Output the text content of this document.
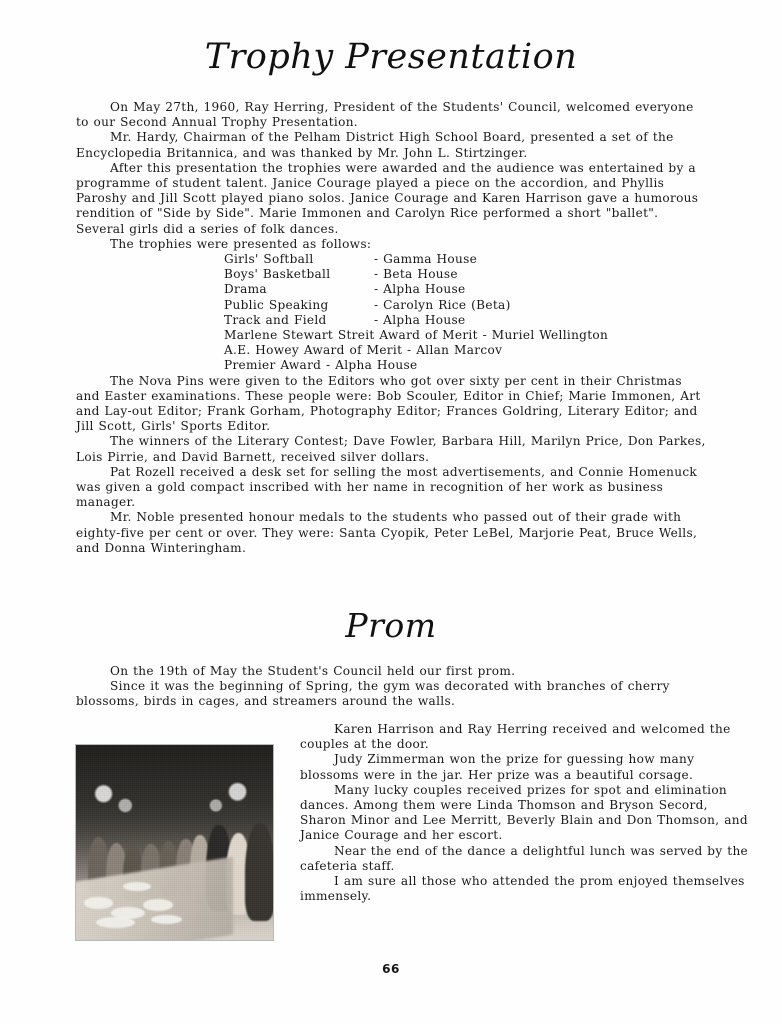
Trophy Presentation

On May 27th, 1960, Ray Herring, President of the Students' Council, welcomed everyone to our Second Annual Trophy Presentation.

Mr. Hardy, Chairman of the Pelham District High School Board, presented a set of the Encyclopedia Britannica, and was thanked by Mr. John L. Stirtzinger.

After this presentation the trophies were awarded and the audience was entertained by a programme of student talent. Janice Courage played a piece on the accordion, and Phyllis Paroshy and Jill Scott played piano solos. Janice Courage and Karen Harrison gave a humorous rendition of "Side by Side". Marie Immonen and Carolyn Rice performed a short "ballet". Several girls did a series of folk dances.

The trophies were presented as follows:

Girls' Softball	- Gamma House
Boys' Basketball	- Beta House
Drama	- Alpha House
Public Speaking	- Carolyn Rice (Beta)
Track and Field	- Alpha House
Marlene Stewart Streit Award of Merit - Muriel Wellington
A.E. Howey Award of Merit - Allan Marcov
Premier Award - Alpha House

The Nova Pins were given to the Editors who got over sixty per cent in their Christmas and Easter examinations. These people were: Bob Scouler, Editor in Chief; Marie Immonen, Art and Lay-out Editor; Frank Gorham, Photography Editor; Frances Goldring, Literary Editor; and Jill Scott, Girls' Sports Editor.

The winners of the Literary Contest; Dave Fowler, Barbara Hill, Marilyn Price, Don Parkes, Lois Pirrie, and David Barnett, received silver dollars.

Pat Rozell received a desk set for selling the most advertisements, and Connie Homenuck was given a gold compact inscribed with her name in recognition of her work as business manager.

Mr. Noble presented honour medals to the students who passed out of their grade with eighty-five per cent or over. They were: Santa Cyopik, Peter LeBel, Marjorie Peat, Bruce Wells, and Donna Winteringham.

Prom

On the 19th of May the Student's Council held our first prom.

Since it was the beginning of Spring, the gym was decorated with branches of cherry blossoms, birds in cages, and streamers around the walls.

Karen Harrison and Ray Herring received and welcomed the couples at the door.

Judy Zimmerman won the prize for guessing how many blossoms were in the jar. Her prize was a beautiful corsage.

Many lucky couples received prizes for spot and elimination dances. Among them were Linda Thomson and Bryson Secord, Sharon Minor and Lee Merritt, Beverly Blain and Don Thomson, and Janice Courage and her escort.

Near the end of the dance a delightful lunch was served by the cafeteria staff.

I am sure all those who attended the prom enjoyed themselves immensely.

66
